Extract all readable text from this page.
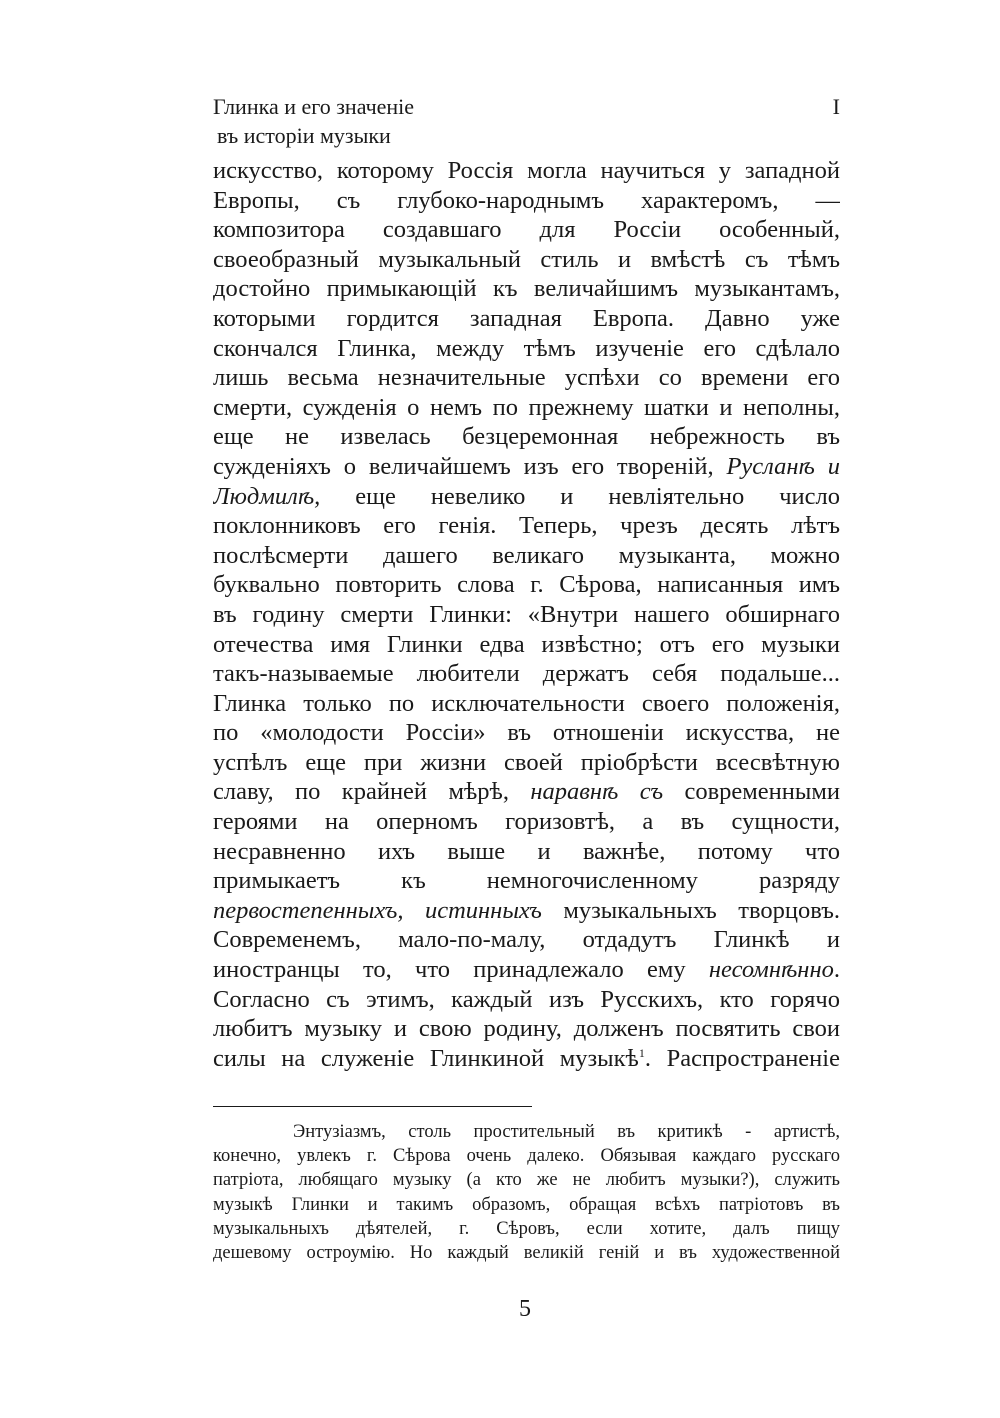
Глинка и его значеніе
въ исторіи музыки
I
искусство, которому Россія могла научиться у западной
Европы, съ глубоко-народнымъ характеромъ, —
композитора создавшаго для Россіи особенный,
своеобразный музыкальный стиль и вмѣстѣ съ тѣмъ
достойно примыкающій къ величайшимъ музыкантамъ,
которыми гордится западная Европа. Давно уже
скончался Глинка, между тѣмъ изученіе его сдѣлало
лишь весьма незначительные успѣхи со времени его
смерти, сужденія о немъ по прежнему шатки и неполны,
еще не извелась безцеремонная небрежность въ
сужденіяхъ о величайшемъ изъ его твореній, Русланѣ и
Людмилѣ, еще невелико и невліятельно число
поклонниковъ его генія. Теперь, чрезъ десять лѣтъ
послѣсмерти дашего великаго музыканта, можно
буквально повторить слова г. Сѣрова, написанныя имъ
въ годину смерти Глинки: «Внутри нашего обширнаго
отечества имя Глинки едва извѣстно; отъ его музыки
такъ-называемые любители держатъ себя подальше...
Глинка только по исключательности своего положенія,
по «молодости Россіи» въ отношеніи искусства, не
успѣлъ еще при жизни своей пріобрѣсти всесвѣтную
славу, по крайней мѣрѣ, наравнѣ съ современными
героями на оперномъ горизовтѣ, а въ сущности,
несравненно ихъ выше и важнѣе, потому что
примыкаетъ къ немногочисленному разряду
первостепенныхъ, истинныхъ музыкальныхъ творцовъ.
Современемъ, мало-по-малу, отдадутъ Глинкѣ и
иностранцы то, что принадлежало ему несомнѣнно.
Согласно съ этимъ, каждый изъ Русскихъ, кто горячо
любитъ музыку и свою родину, долженъ посвятить свои
силы на служеніе Глинкиной музыкѣ$^1$. Распространеніе
Энтузіазмъ, столь простительный въ критикѣ - артистѣ,
конечно, увлекъ г. Сѣрова очень далеко. Обязывая каждаго русскаго
патріота, любящаго музыку (а кто же не любитъ музыки?), служить
музыкѣ Глинки и такимъ образомъ, обращая всѣхъ патріотовъ въ
музыкальныхъ дѣятелей, г. Сѣровъ, если хотите, далъ пищу
дешевому остроумію. Но каждый великій геній и въ художественной
5
